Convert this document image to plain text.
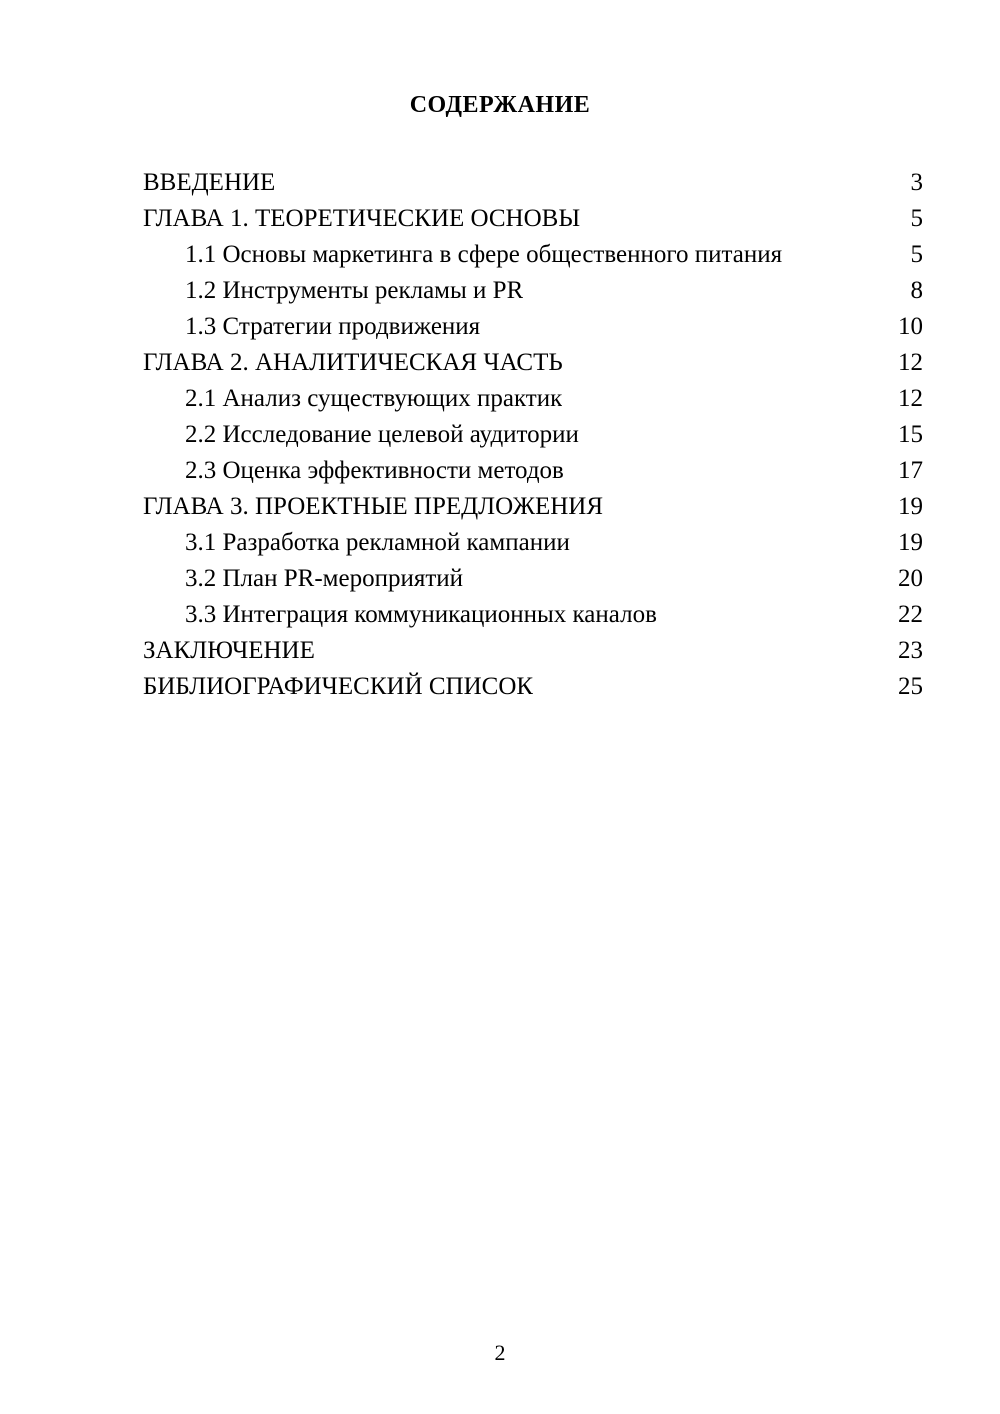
СОДЕРЖАНИЕ
ВВЕДЕНИЕ	3
ГЛАВА 1. ТЕОРЕТИЧЕСКИЕ ОСНОВЫ	5
1.1 Основы маркетинга в сфере общественного питания	5
1.2 Инструменты рекламы и PR	8
1.3 Стратегии продвижения	10
ГЛАВА 2. АНАЛИТИЧЕСКАЯ ЧАСТЬ	12
2.1 Анализ существующих практик	12
2.2 Исследование целевой аудитории	15
2.3 Оценка эффективности методов	17
ГЛАВА 3. ПРОЕКТНЫЕ ПРЕДЛОЖЕНИЯ	19
3.1 Разработка рекламной кампании	19
3.2 План PR-мероприятий	20
3.3 Интеграция коммуникационных каналов	22
ЗАКЛЮЧЕНИЕ	23
БИБЛИОГРАФИЧЕСКИЙ СПИСОК	25
2
